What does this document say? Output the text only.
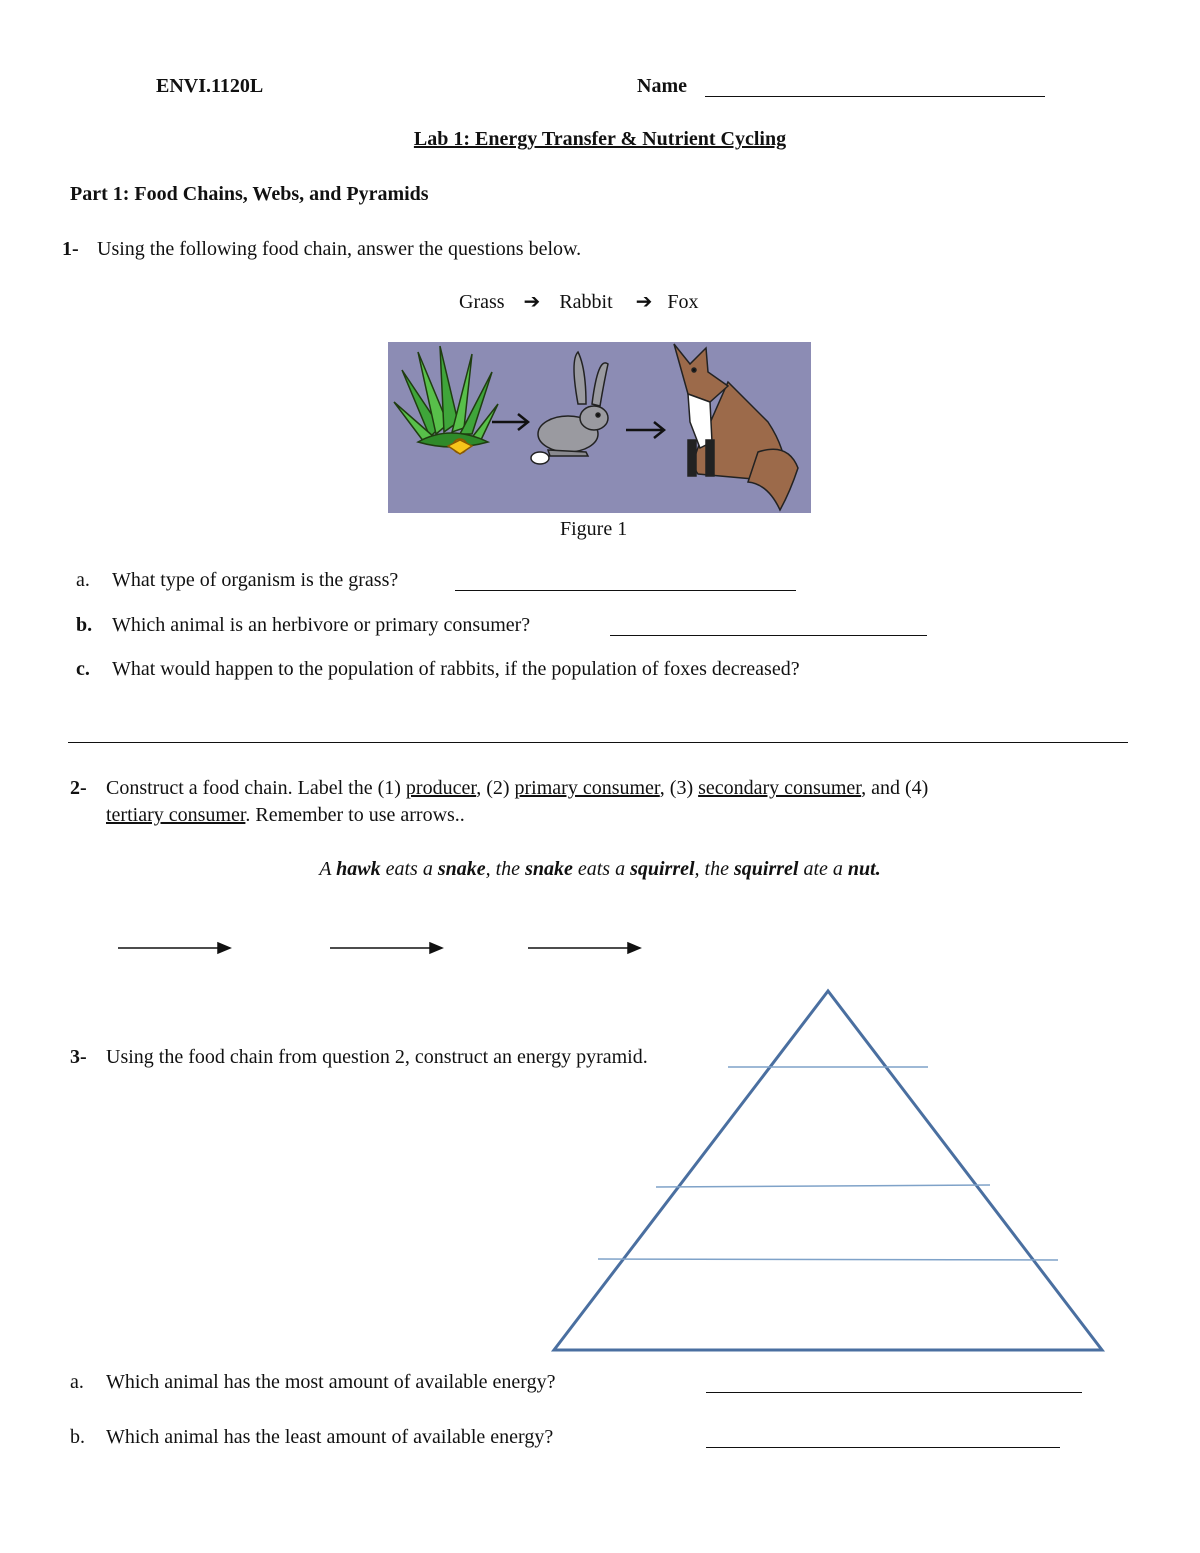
ENVI.1120L	Name
Lab 1: Energy Transfer & Nutrient Cycling
Part 1: Food Chains, Webs, and Pyramids
1- Using the following food chain, answer the questions below.
Grass ➔ Rabbit ➔ Fox
Figure 1
a. What type of organism is the grass?
b. Which animal is an herbivore or primary consumer?
c. What would happen to the population of rabbits, if the population of foxes decreased?
2- Construct a food chain. Label the (1) producer, (2) primary consumer, (3) secondary consumer, and (4)
tertiary consumer. Remember to use arrows..
A hawk eats a snake, the snake eats a squirrel, the squirrel ate a nut.
3- Using the food chain from question 2, construct an energy pyramid.
a. Which animal has the most amount of available energy?
b. Which animal has the least amount of available energy?
